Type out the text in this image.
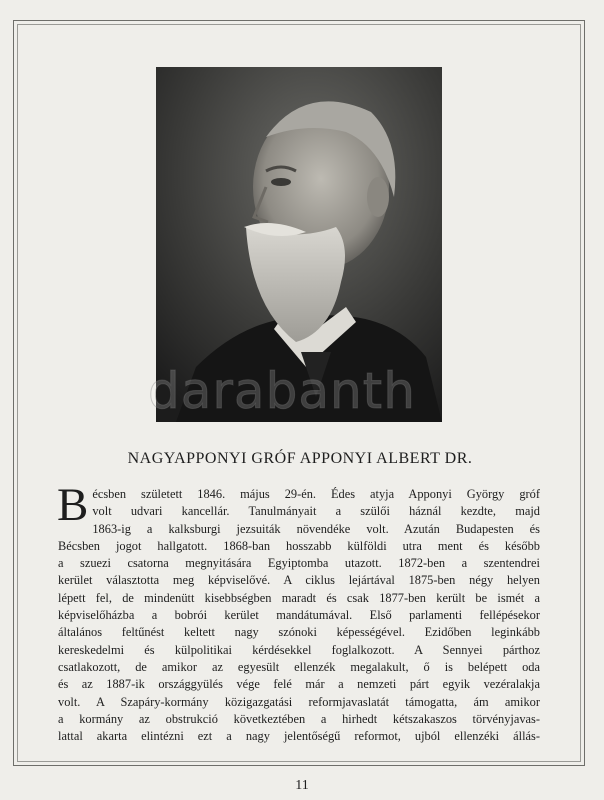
NAGYAPPONYI GRÓF APPONYI ALBERT DR.
B écsben született 1846. május 29-én. Édes atyja Apponyi György gróf
volt udvari kancellár. Tanulmányait a szülői háznál kezdte, majd
1863-ig a kalksburgi jezsuiták növendéke volt. Azután Budapesten és
Bécsben jogot hallgatott. 1868-ban hosszabb külföldi utra ment és később
a szuezi csatorna megnyitására Egyiptomba utazott. 1872-ben a szentendrei
kerület választotta meg képviselővé. A ciklus lejártával 1875-ben négy helyen
lépett fel, de mindenütt kisebbségben maradt és csak 1877-ben került be ismét a
képviselőházba a bobrói kerület mandátumával. Első parlamenti fellépésekor
általános feltűnést keltett nagy szónoki képességével. Ezidőben leginkább
kereskedelmi és külpolitikai kérdésekkel foglalkozott. A Sennyei párthoz
csatlakozott, de amikor az egyesült ellenzék megalakult, ő is belépett oda
és az 1887-ik országgyülés vége felé már a nemzeti párt egyik vezéralakja
volt. A Szapáry-kormány közigazgatási reformjavaslatát támogatta, ám amikor
a kormány az obstrukció következtében a hirhedt kétszakaszos törvényjavas-
lattal akarta elintézni ezt a nagy jelentőségű reformot, ujból ellenzéki állás-
11
